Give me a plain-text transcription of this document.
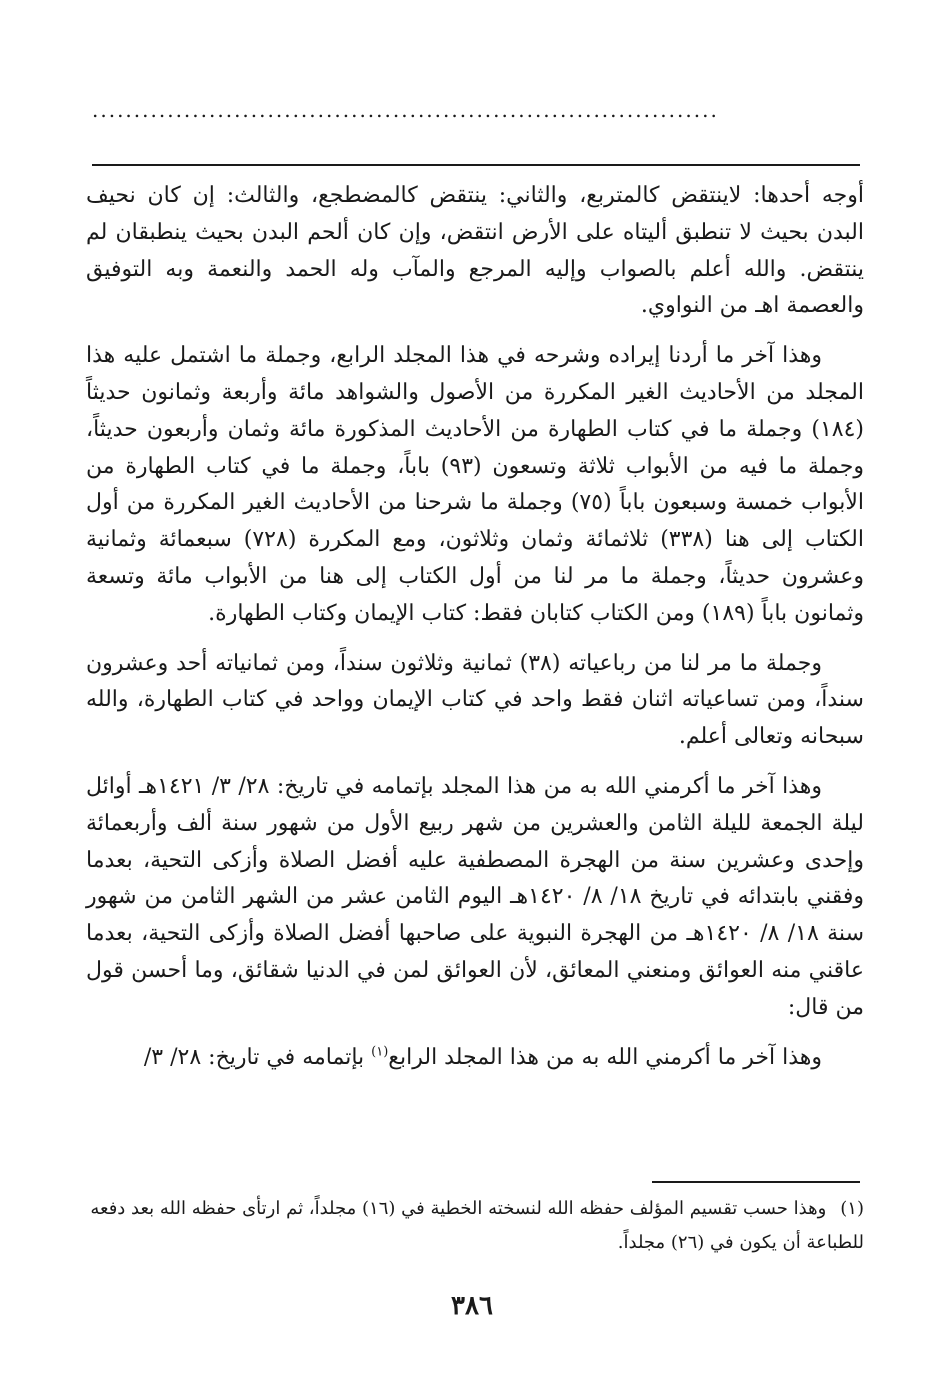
...........................................................................

أوجه أحدها: لاينتقض كالمتربع، والثاني: ينتقض كالمضطجع، والثالث: إن كان نحيف البدن بحيث لا تنطبق أليتاه على الأرض انتقض، وإن كان ألحم البدن بحيث ينطبقان لم ينتقض. والله أعلم بالصواب وإليه المرجع والمآب وله الحمد والنعمة وبه التوفيق والعصمة اهـ من النواوي.

وهذا آخر ما أردنا إيراده وشرحه في هذا المجلد الرابع، وجملة ما اشتمل عليه هذا المجلد من الأحاديث الغير المكررة من الأصول والشواهد مائة وأربعة وثمانون حديثاً (١٨٤) وجملة ما في كتاب الطهارة من الأحاديث المذكورة مائة وثمان وأربعون حديثاً، وجملة ما فيه من الأبواب ثلاثة وتسعون (٩٣) باباً، وجملة ما في كتاب الطهارة من الأبواب خمسة وسبعون باباً (٧٥) وجملة ما شرحنا من الأحاديث الغير المكررة من أول الكتاب إلى هنا (٣٣٨) ثلاثمائة وثمان وثلاثون، ومع المكررة (٧٢٨) سبعمائة وثمانية وعشرون حديثاً، وجملة ما مر لنا من أول الكتاب إلى هنا من الأبواب مائة وتسعة وثمانون باباً (١٨٩) ومن الكتاب كتابان فقط: كتاب الإيمان وكتاب الطهارة.

وجملة ما مر لنا من رباعياته (٣٨) ثمانية وثلاثون سنداً، ومن ثمانياته أحد وعشرون سنداً، ومن تساعياته اثنان فقط واحد في كتاب الإيمان وواحد في كتاب الطهارة، والله سبحانه وتعالى أعلم.

وهذا آخر ما أكرمني الله به من هذا المجلد بإتمامه في تاريخ: ٢٨/ ٣/ ١٤٢١هـ أوائل ليلة الجمعة لليلة الثامن والعشرين من شهر ربيع الأول من شهور سنة ألف وأربعمائة وإحدى وعشرين سنة من الهجرة المصطفية عليه أفضل الصلاة وأزكى التحية، بعدما وفقني بابتدائه في تاريخ ١٨/ ٨/ ١٤٢٠هـ اليوم الثامن عشر من الشهر الثامن من شهور سنة ١٨/ ٨/ ١٤٢٠هـ من الهجرة النبوية على صاحبها أفضل الصلاة وأزكى التحية، بعدما عاقني منه العوائق ومنعني المعائق، لأن العوائق لمن في الدنيا شقائق، وما أحسن قول من قال:

وهذا آخر ما أكرمني الله به من هذا المجلد الرابع$^{(١)}$ بإتمامه في تاريخ: ٢٨/ ٣/

(١)وهذا حسب تقسيم المؤلف حفظه الله لنسخته الخطية في (١٦) مجلداً، ثم ارتأى حفظه الله بعد دفعه للطباعة أن يكون في (٢٦) مجلداً.
٣٨٦
